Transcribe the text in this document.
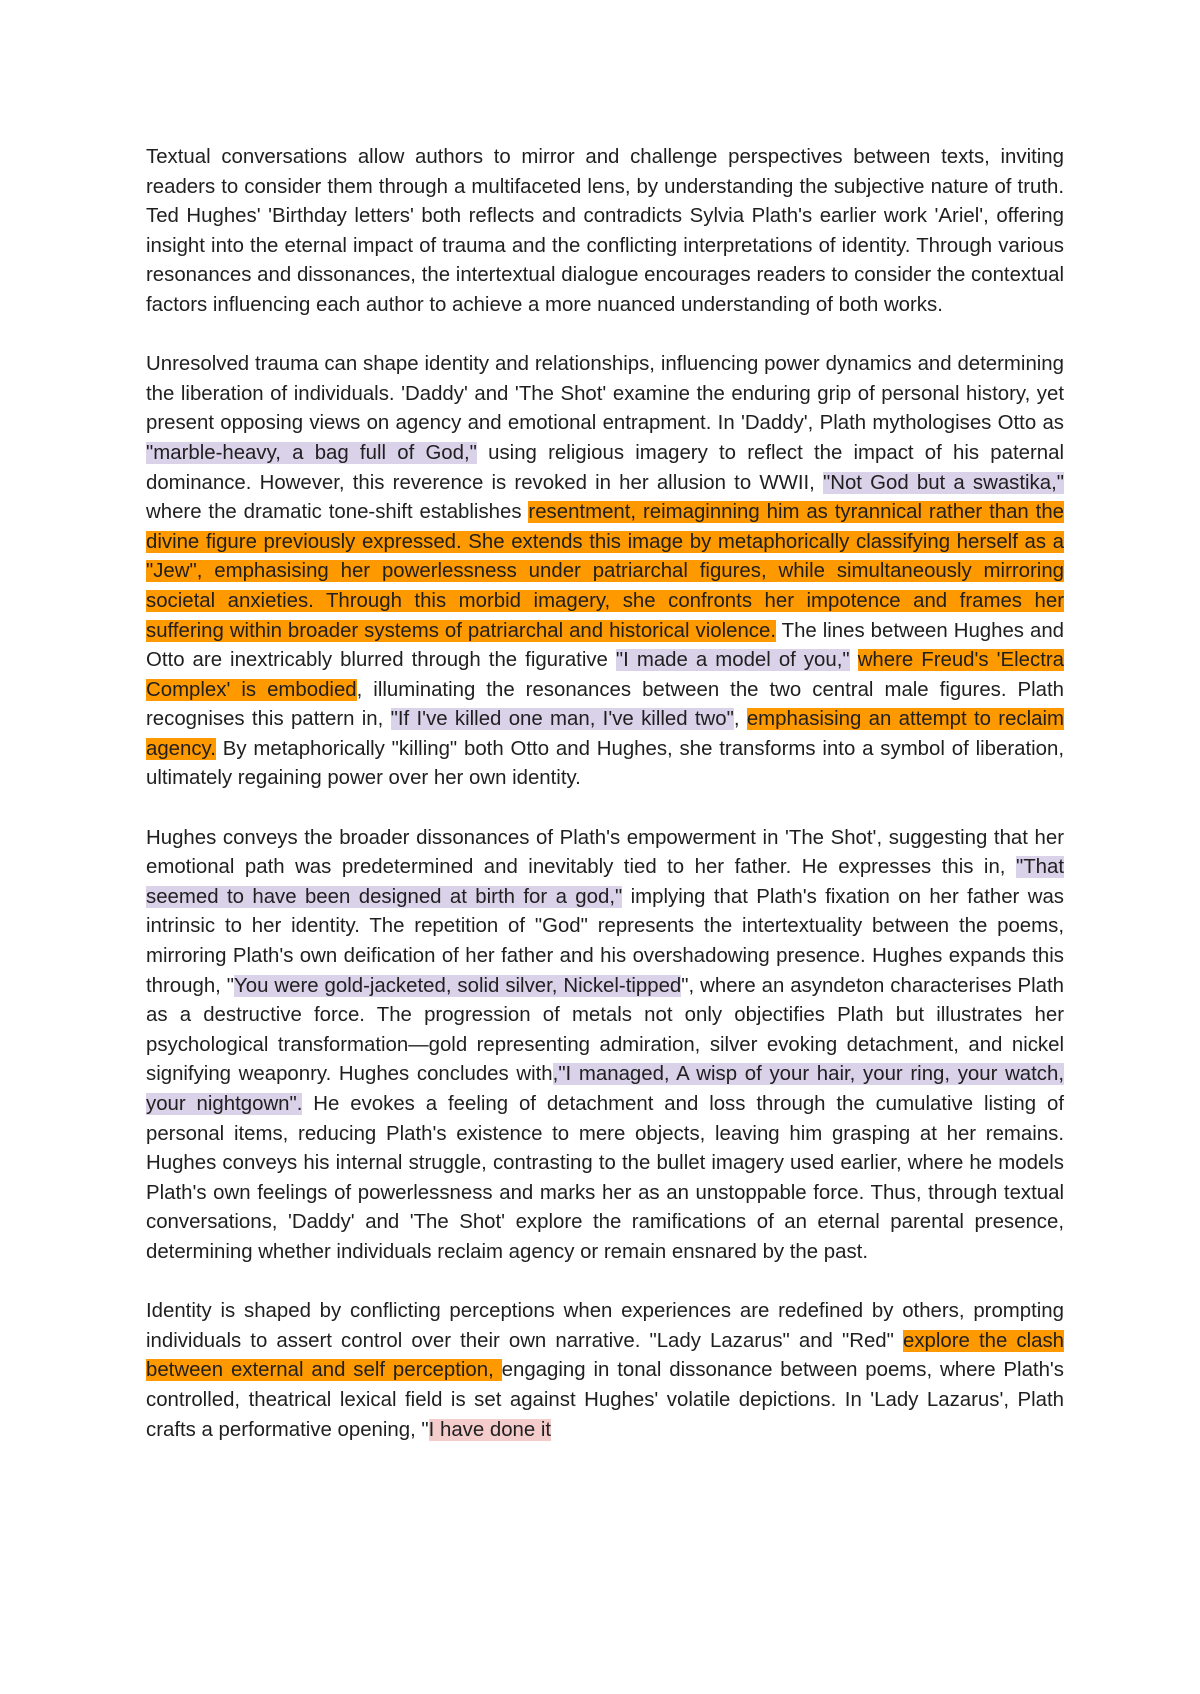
Textual conversations allow authors to mirror and challenge perspectives between texts, inviting readers to consider them through a multifaceted lens, by understanding the subjective nature of truth. Ted Hughes' 'Birthday letters' both reflects and contradicts Sylvia Plath's earlier work 'Ariel', offering insight into the eternal impact of trauma and the conflicting interpretations of identity. Through various resonances and dissonances, the intertextual dialogue encourages readers to consider the contextual factors influencing each author to achieve a more nuanced understanding of both works.

Unresolved trauma can shape identity and relationships, influencing power dynamics and determining the liberation of individuals. 'Daddy' and 'The Shot' examine the enduring grip of personal history, yet present opposing views on agency and emotional entrapment. In 'Daddy', Plath mythologises Otto as "marble-heavy, a bag full of God," using religious imagery to reflect the impact of his paternal dominance. However, this reverence is revoked in her allusion to WWII, "Not God but a swastika," where the dramatic tone-shift establishes resentment, reimaginning him as tyrannical rather than the divine figure previously expressed. She extends this image by metaphorically classifying herself as a "Jew", emphasising her powerlessness under patriarchal figures, while simultaneously mirroring societal anxieties. Through this morbid imagery, she confronts her impotence and frames her suffering within broader systems of patriarchal and historical violence. The lines between Hughes and Otto are inextricably blurred through the figurative "I made a model of you," where Freud's 'Electra Complex' is embodied, illuminating the resonances between the two central male figures. Plath recognises this pattern in, "If I've killed one man, I've killed two", emphasising an attempt to reclaim agency. By metaphorically "killing" both Otto and Hughes, she transforms into a symbol of liberation, ultimately regaining power over her own identity.

Hughes conveys the broader dissonances of Plath's empowerment in 'The Shot', suggesting that her emotional path was predetermined and inevitably tied to her father. He expresses this in, "That seemed to have been designed at birth for a god," implying that Plath's fixation on her father was intrinsic to her identity. The repetition of "God" represents the intertextuality between the poems, mirroring Plath's own deification of her father and his overshadowing presence. Hughes expands this through, "You were gold-jacketed, solid silver, Nickel-tipped", where an asyndeton characterises Plath as a destructive force. The progression of metals not only objectifies Plath but illustrates her psychological transformation—gold representing admiration, silver evoking detachment, and nickel signifying weaponry. Hughes concludes with,"I managed, A wisp of your hair, your ring, your watch, your nightgown". He evokes a feeling of detachment and loss through the cumulative listing of personal items, reducing Plath's existence to mere objects, leaving him grasping at her remains. Hughes conveys his internal struggle, contrasting to the bullet imagery used earlier, where he models Plath's own feelings of powerlessness and marks her as an unstoppable force. Thus, through textual conversations, 'Daddy' and 'The Shot' explore the ramifications of an eternal parental presence, determining whether individuals reclaim agency or remain ensnared by the past.

Identity is shaped by conflicting perceptions when experiences are redefined by others, prompting individuals to assert control over their own narrative. "Lady Lazarus" and "Red" explore the clash between external and self perception, engaging in tonal dissonance between poems, where Plath's controlled, theatrical lexical field is set against Hughes' volatile depictions. In 'Lady Lazarus', Plath crafts a performative opening, "I have done it
